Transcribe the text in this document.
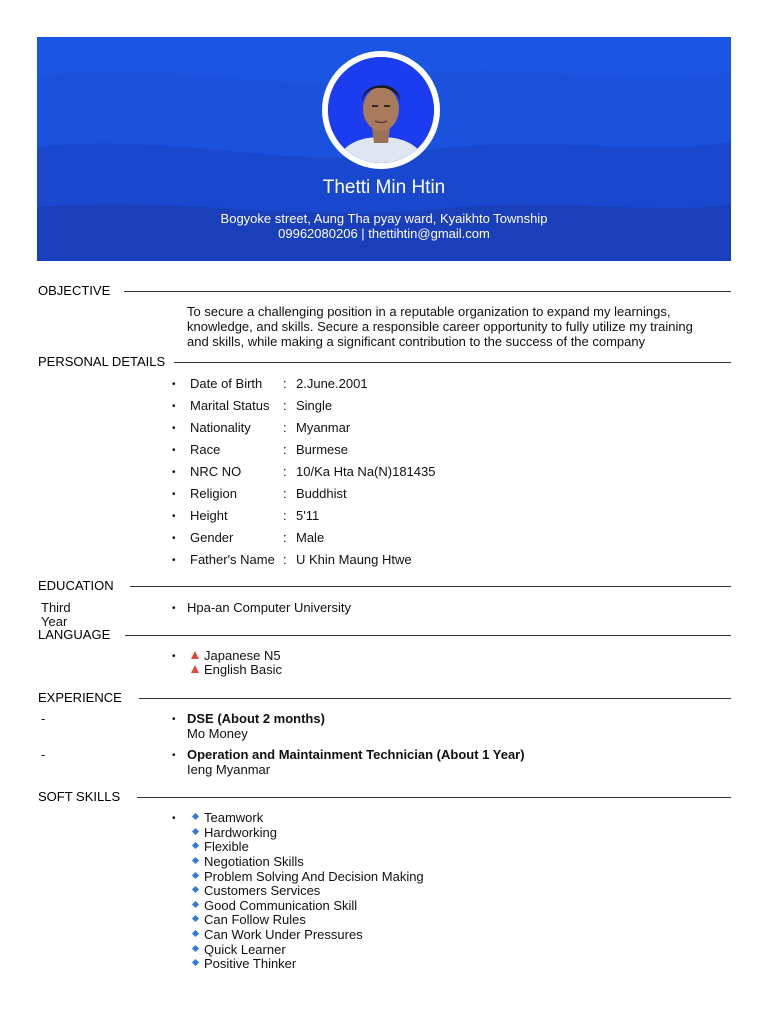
Thetti Min Htin
Bogyoke street, Aung Tha pyay ward, Kyaikhto Township
09962080206 | thettihtin@gmail.com
OBJECTIVE
To secure a challenging position in a reputable organization to expand my learnings,
knowledge, and skills. Secure a responsible career opportunity to fully utilize my training
and skills, while making a significant contribution to the success of the company
PERSONAL DETAILS
• Date of Birth : 2.June.2001
• Marital Status : Single
• Nationality : Myanmar
• Race	: Burmese
• NRC NO	: 10/Ka Hta Na(N)181435
• Religion	: Buddhist
• Height	: 5'11
• Gender	: Male
• Father's Name : U Khin Maung Htwe
EDUCATION
Third
Year
• Hpa-an Computer University
LANGUAGE
• Japanese N5
English Basic
EXPERIENCE
-	• DSE (About 2 months)
Mo Money
-	• Operation and Maintainment Technician (About 1 Year)
Ieng Myanmar
SOFT SKILLS
• Teamwork
Hardworking
Flexible
Negotiation Skills
Problem Solving And Decision Making
Customers Services
Good Communication Skill
Can Follow Rules
Can Work Under Pressures
Quick Learner
Positive Thinker
